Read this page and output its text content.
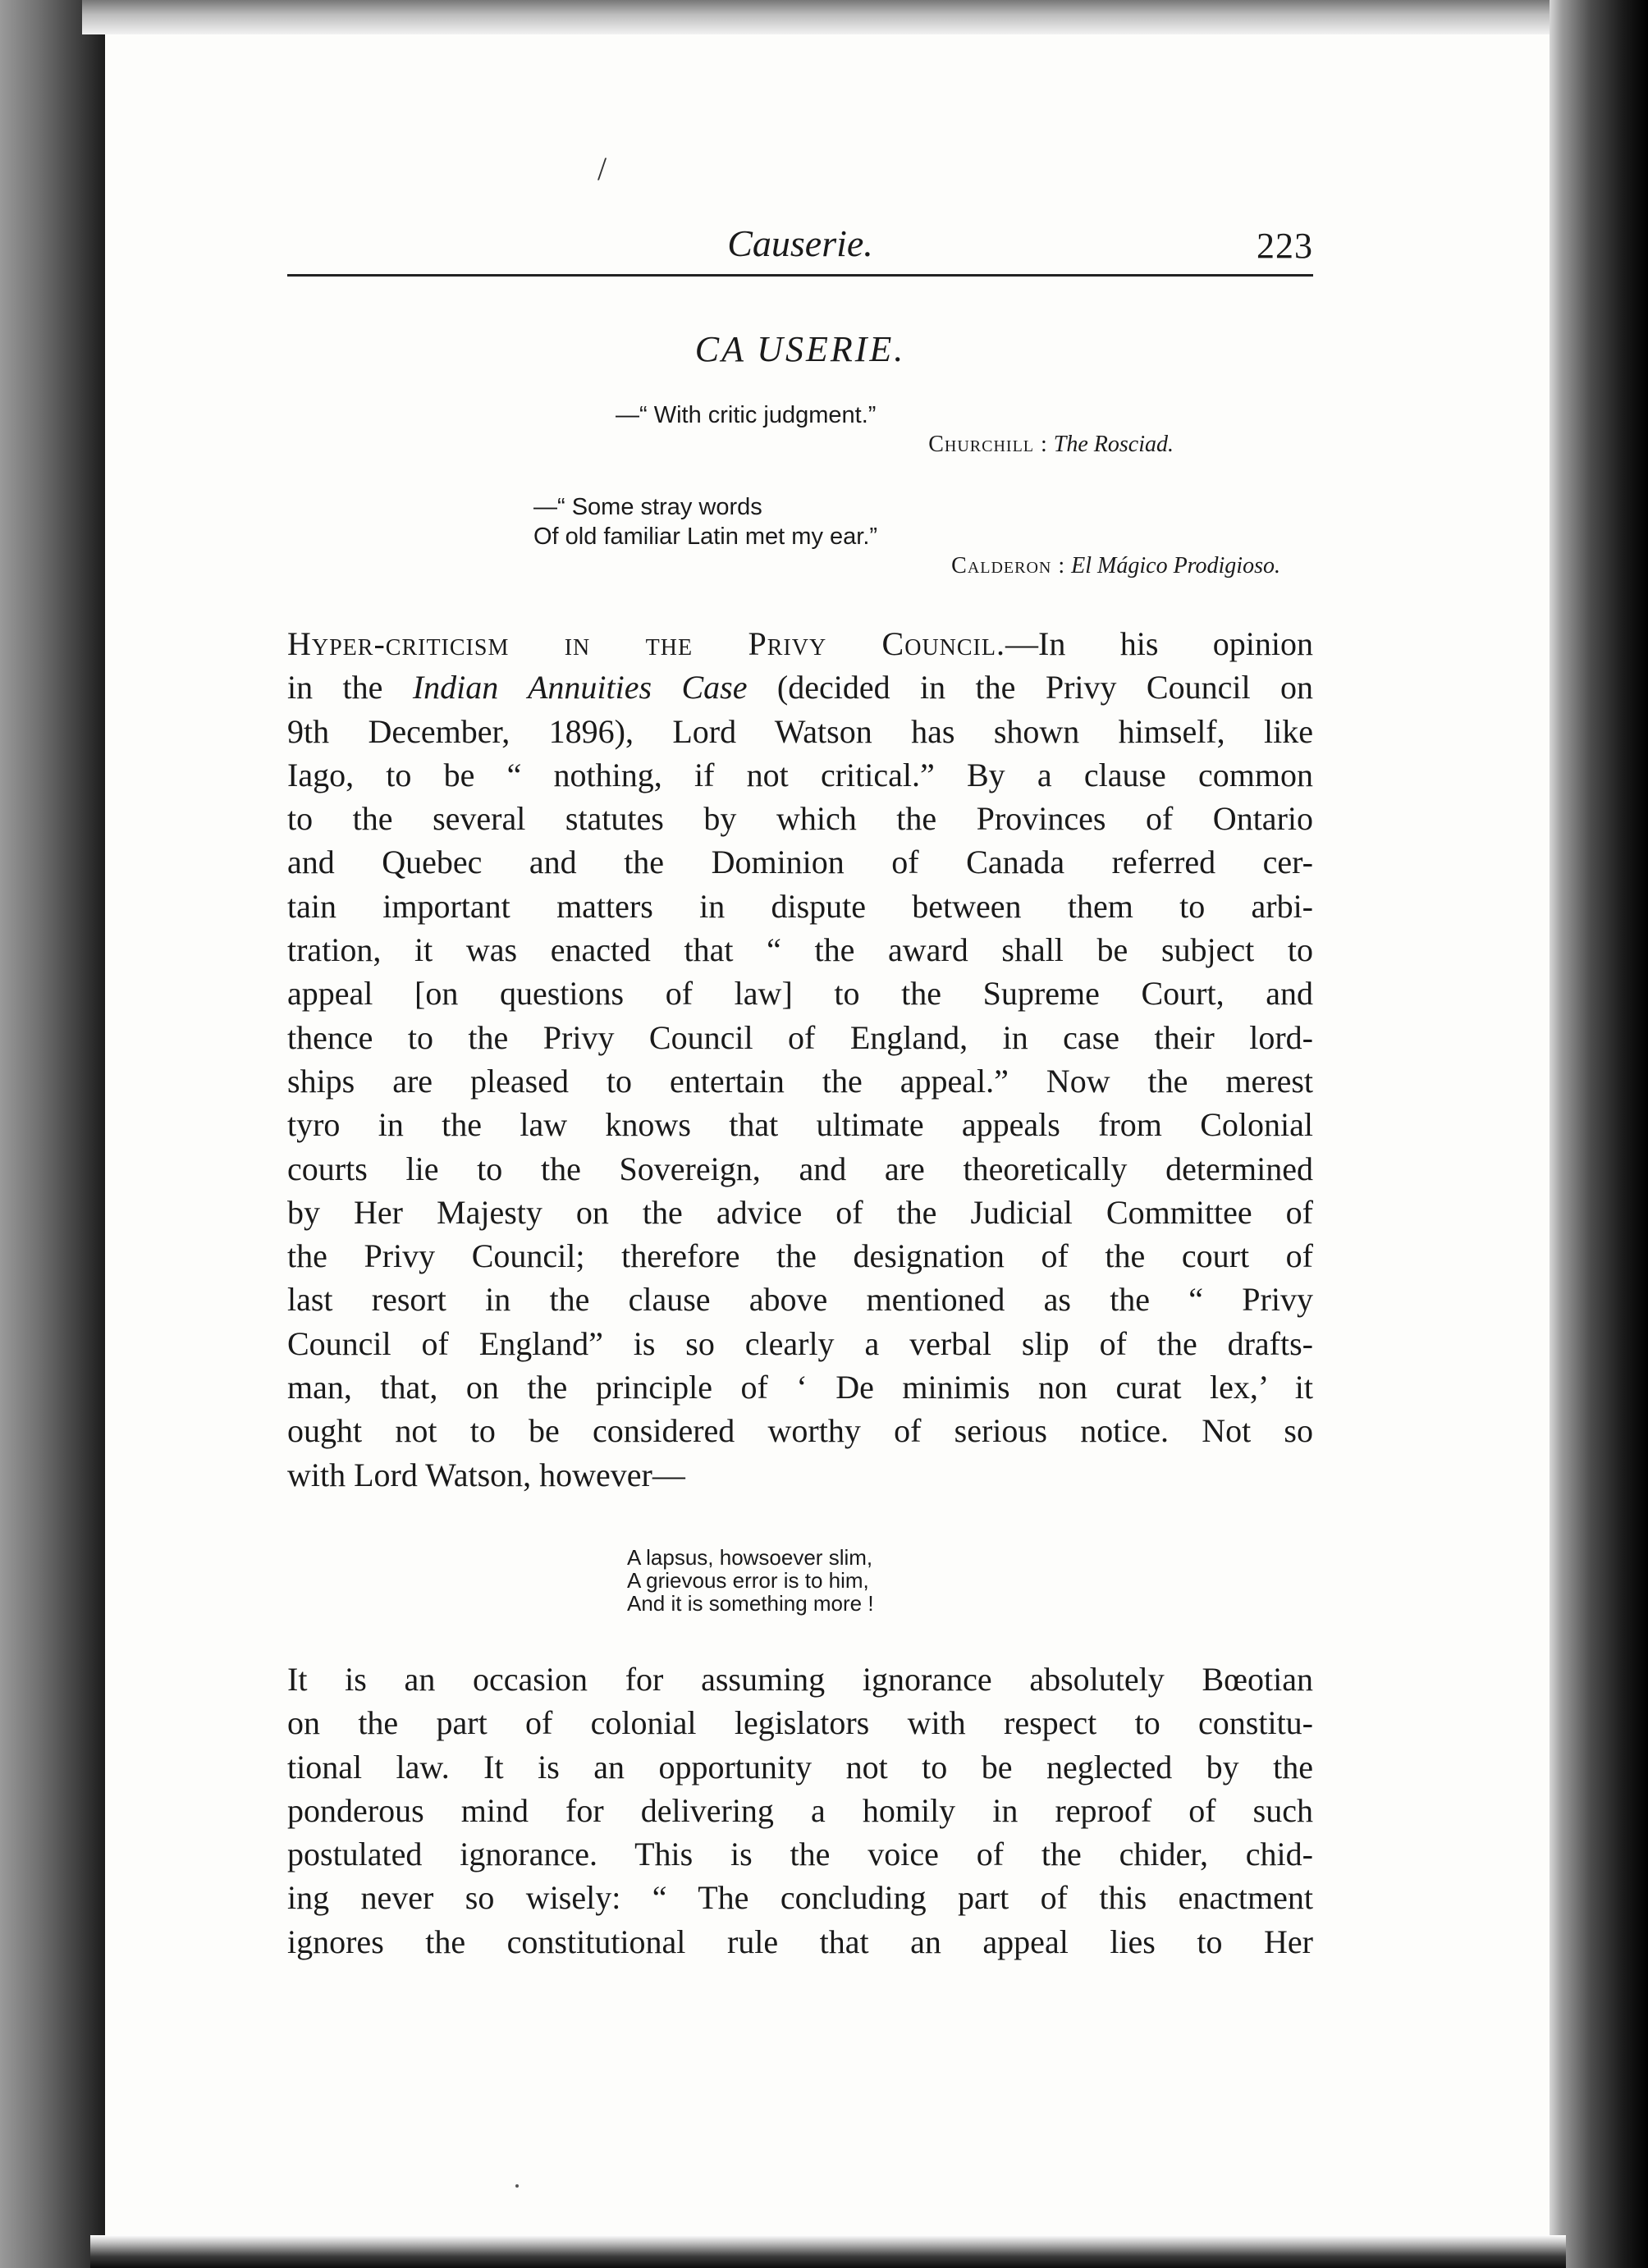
/
Causerie.	223
CA USERIE.
—“ With critic judgment.”
Churchill : The Rosciad.
—“ Some stray words
Of old familiar Latin met my ear.”
Calderon : El Mágico Prodigioso.
Hyper-criticism in the Privy Council.—In his opinion
in the Indian Annuities Case (decided in the Privy Council on
9th December, 1896), Lord Watson has shown himself, like
Iago, to be “ nothing, if not critical.” By a clause common
to the several statutes by which the Provinces of Ontario
and Quebec and the Dominion of Canada referred cer-
tain important matters in dispute between them to arbi-
tration, it was enacted that “ the award shall be subject to
appeal [on questions of law] to the Supreme Court, and
thence to the Privy Council of England, in case their lord-
ships are pleased to entertain the appeal.” Now the merest
tyro in the law knows that ultimate appeals from Colonial
courts lie to the Sovereign, and are theoretically determined
by Her Majesty on the advice of the Judicial Committee of
the Privy Council; therefore the designation of the court of
last resort in the clause above mentioned as the “ Privy
Council of England” is so clearly a verbal slip of the drafts-
man, that, on the principle of ‘ De minimis non curat lex,’ it
ought not to be considered worthy of serious notice. Not so
with Lord Watson, however—
A lapsus, howsoever slim,
A grievous error is to him,
And it is something more !
It is an occasion for assuming ignorance absolutely Bœotian
on the part of colonial legislators with respect to constitu-
tional law. It is an opportunity not to be neglected by the
ponderous mind for delivering a homily in reproof of such
postulated ignorance. This is the voice of the chider, chid-
ing never so wisely: “ The concluding part of this enactment
ignores the constitutional rule that an appeal lies to Her
